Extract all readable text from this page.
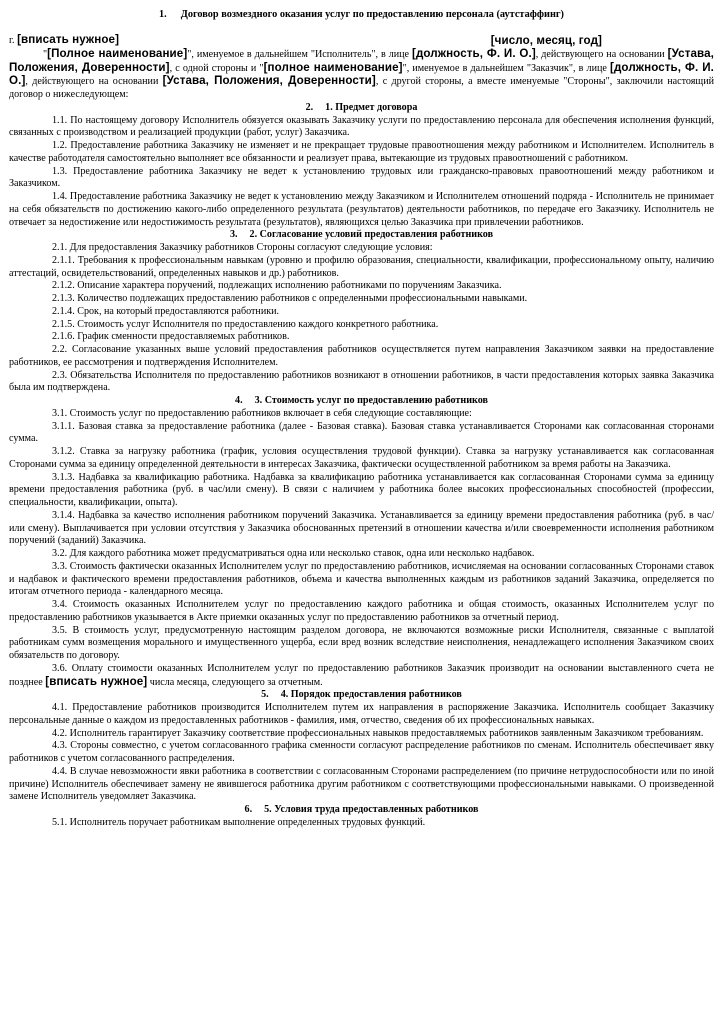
1. Договор возмездного оказания услуг по предоставлению персонала (аутстаффинг)
г. [вписать нужное]	[число, месяц, год]

"[Полное наименование]", именуемое в дальнейшем "Исполнитель", в лице [должность, Ф. И. О.], действующего на основании [Устава, Положения, Доверенности], с одной стороны и "[полное наименование]", именуемое в дальнейшем "Заказчик", в лице [должность, Ф. И. О.], действующего на основании [Устава, Положения, Доверенности], с другой стороны, а вместе именуемые "Стороны", заключили настоящий договор о нижеследующем:

2. 1. Предмет договора

1.1. По настоящему договору Исполнитель обязуется оказывать Заказчику услуги по предоставлению персонала для обеспечения исполнения функций, связанных с производством и реализацией продукции (работ, услуг) Заказчика.

1.2. Предоставление работника Заказчику не изменяет и не прекращает трудовые правоотношения между работником и Исполнителем. Исполнитель в качестве работодателя самостоятельно выполняет все обязанности и реализует права, вытекающие из трудовых правоотношений с работником.

1.3. Предоставление работника Заказчику не ведет к установлению трудовых или гражданско-правовых правоотношений между работником и Заказчиком.

1.4. Предоставление работника Заказчику не ведет к установлению между Заказчиком и Исполнителем отношений подряда - Исполнитель не принимает на себя обязательств по достижению какого-либо определенного результата (результатов) деятельности работников, по передаче его Заказчику. Исполнитель не отвечает за недостижение или недостижимость результата (результатов), являющихся целью Заказчика при привлечении работников.

3. 2. Согласование условий предоставления работников

2.1. Для предоставления Заказчику работников Стороны согласуют следующие условия:

2.1.1. Требования к профессиональным навыкам (уровню и профилю образования, специальности, квалификации, профессиональному опыту, наличию аттестаций, освидетельствований, определенных навыков и др.) работников.

2.1.2. Описание характера поручений, подлежащих исполнению работниками по поручениям Заказчика.

2.1.3. Количество подлежащих предоставлению работников с определенными профессиональными навыками.

2.1.4. Срок, на который предоставляются работники.

2.1.5. Стоимость услуг Исполнителя по предоставлению каждого конкретного работника.

2.1.6. График сменности предоставляемых работников.

2.2. Согласование указанных выше условий предоставления работников осуществляется путем направления Заказчиком заявки на предоставление работников, ее рассмотрения и подтверждения Исполнителем.

2.3. Обязательства Исполнителя по предоставлению работников возникают в отношении работников, в части предоставления которых заявка Заказчика была им подтверждена.

4. 3. Стоимость услуг по предоставлению работников

3.1. Стоимость услуг по предоставлению работников включает в себя следующие составляющие:

3.1.1. Базовая ставка за предоставление работника (далее - Базовая ставка). Базовая ставка устанавливается Сторонами как согласованная сторонами сумма.

3.1.2. Ставка за нагрузку работника (график, условия осуществления трудовой функции). Ставка за нагрузку устанавливается как согласованная Сторонами сумма за единицу определенной деятельности в интересах Заказчика, фактически осуществленной работником за время работы на Заказчика.

3.1.3. Надбавка за квалификацию работника. Надбавка за квалификацию работника устанавливается как согласованная Сторонами сумма за единицу времени предоставления работника (руб. в час/или смену). В связи с наличием у работника более высоких профессиональных способностей (профессии, специальности, квалификации, опыта).

3.1.4. Надбавка за качество исполнения работником поручений Заказчика. Устанавливается за единицу времени предоставления работника (руб. в час/ или смену). Выплачивается при условии отсутствия у Заказчика обоснованных претензий в отношении качества и/или своевременности исполнения работником поручений (заданий) Заказчика.

3.2. Для каждого работника может предусматриваться одна или несколько ставок, одна или несколько надбавок.

3.3. Стоимость фактически оказанных Исполнителем услуг по предоставлению работников, исчисляемая на основании согласованных Сторонами ставок и надбавок и фактического времени предоставления работников, объема и качества выполненных каждым из работников заданий Заказчика, определяется по итогам отчетного периода - календарного месяца.

3.4. Стоимость оказанных Исполнителем услуг по предоставлению каждого работника и общая стоимость, оказанных Исполнителем услуг по предоставлению работников указывается в Акте приемки оказанных услуг по предоставлению работников за отчетный период.

3.5. В стоимость услуг, предусмотренную настоящим разделом договора, не включаются возможные риски Исполнителя, связанные с выплатой работникам сумм возмещения морального и имущественного ущерба, если вред возник вследствие неисполнения, ненадлежащего исполнения Заказчиком своих обязательств по договору.

3.6. Оплату стоимости оказанных Исполнителем услуг по предоставлению работников Заказчик производит на основании выставленного счета не позднее [вписать нужное] числа месяца, следующего за отчетным.

5. 4. Порядок предоставления работников

4.1. Предоставление работников производится Исполнителем путем их направления в распоряжение Заказчика. Исполнитель сообщает Заказчику персональные данные о каждом из предоставленных работников - фамилия, имя, отчество, сведения об их профессиональных навыках.

4.2. Исполнитель гарантирует Заказчику соответствие профессиональных навыков предоставляемых работников заявленным Заказчиком требованиям.

4.3. Стороны совместно, с учетом согласованного графика сменности согласуют распределение работников по сменам. Исполнитель обеспечивает явку работников с учетом согласованного распределения.

4.4. В случае невозможности явки работника в соответствии с согласованным Сторонами распределением (по причине нетрудоспособности или по иной причине) Исполнитель обеспечивает замену не явившегося работника другим работником с соответствующими профессиональными навыками. О произведенной замене Исполнитель уведомляет Заказчика.

6. 5. Условия труда предоставленных работников

5.1. Исполнитель поручает работникам выполнение определенных трудовых функций.
